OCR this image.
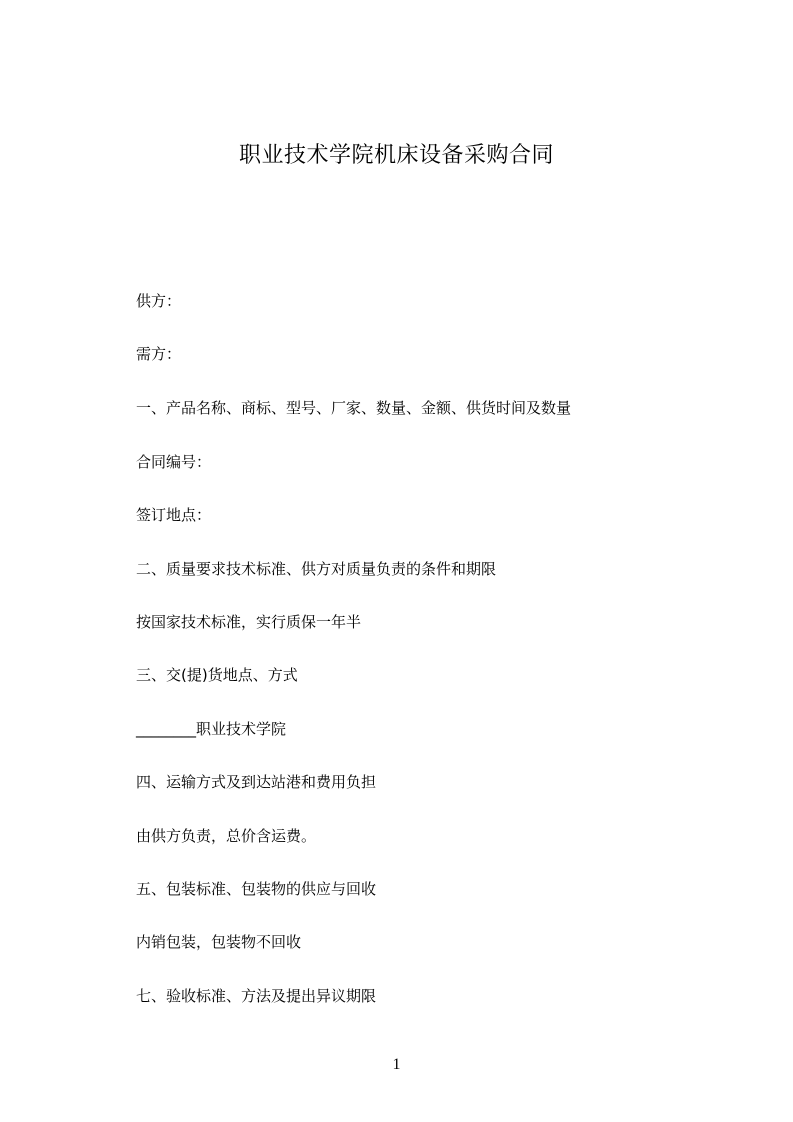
职业技术学院机床设备采购合同
供方：
需方：
一、产品名称、商标、型号、厂家、数量、金额、供货时间及数量
合同编号：
签订地点：
二、质量要求技术标准、供方对质量负责的条件和期限
按国家技术标准，实行质保一年半
三、交(提)货地点、方式
________职业技术学院
四、运输方式及到达站港和费用负担
由供方负责，总价含运费。
五、包装标准、包装物的供应与回收
内销包装，包装物不回收
七、验收标准、方法及提出异议期限
1
